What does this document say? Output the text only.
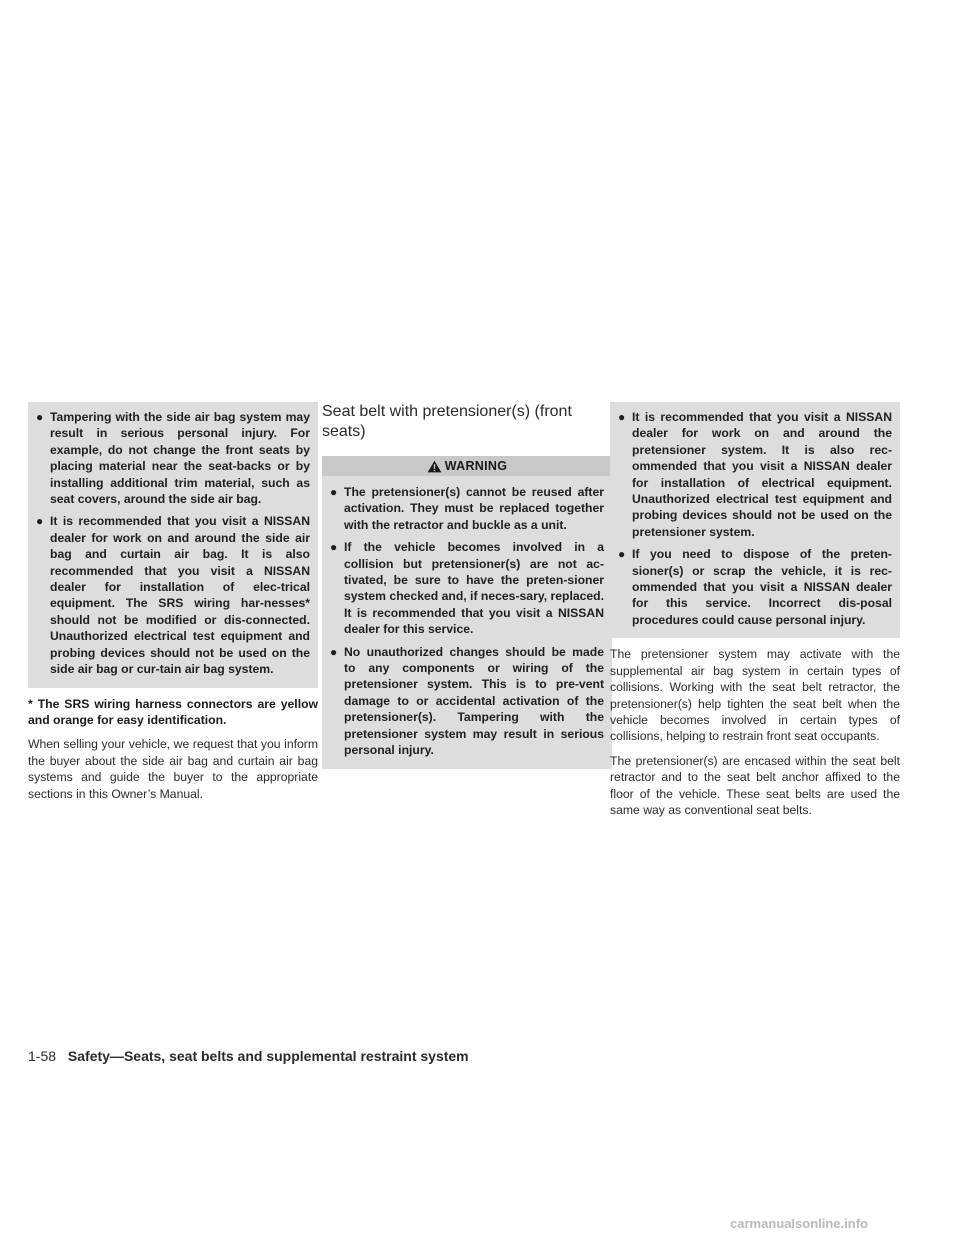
● Tampering with the side air bag system may result in serious personal injury. For example, do not change the front seats by placing material near the seat-backs or by installing additional trim material, such as seat covers, around the side air bag.
● It is recommended that you visit a NISSAN dealer for work on and around the side air bag and curtain air bag. It is also recommended that you visit a NISSAN dealer for installation of elec-trical equipment. The SRS wiring har-nesses* should not be modified or dis-connected. Unauthorized electrical test equipment and probing devices should not be used on the side air bag or cur-tain air bag system.

* The SRS wiring harness connectors are yellow and orange for easy identification.

When selling your vehicle, we request that you inform the buyer about the side air bag and curtain air bag systems and guide the buyer to the appropriate sections in this Owner’s Manual.

Seat belt with pretensioner(s) (front seats)
WARNING
● The pretensioner(s) cannot be reused after activation. They must be replaced together with the retractor and buckle as a unit.
● If the vehicle becomes involved in a collision but pretensioner(s) are not ac-tivated, be sure to have the preten-sioner system checked and, if neces-sary, replaced. It is recommended that you visit a NISSAN dealer for this service.
● No unauthorized changes should be made to any components or wiring of the pretensioner system. This is to pre-vent damage to or accidental activation of the pretensioner(s). Tampering with the pretensioner system may result in serious personal injury.
● It is recommended that you visit a NISSAN dealer for work on and around the pretensioner system. It is also rec-ommended that you visit a NISSAN dealer for installation of electrical equipment. Unauthorized electrical test equipment and probing devices should not be used on the pretensioner system.
● If you need to dispose of the preten-sioner(s) or scrap the vehicle, it is rec-ommended that you visit a NISSAN dealer for this service. Incorrect dis-posal procedures could cause personal injury.

The pretensioner system may activate with the supplemental air bag system in certain types of collisions. Working with the seat belt retractor, the pretensioner(s) help tighten the seat belt when the vehicle becomes involved in certain types of collisions, helping to restrain front seat occupants.

The pretensioner(s) are encased within the seat belt retractor and to the seat belt anchor affixed to the floor of the vehicle. These seat belts are used the same way as conventional seat belts.

1-58 Safety—Seats, seat belts and supplemental restraint system
carmanualsonline.info
